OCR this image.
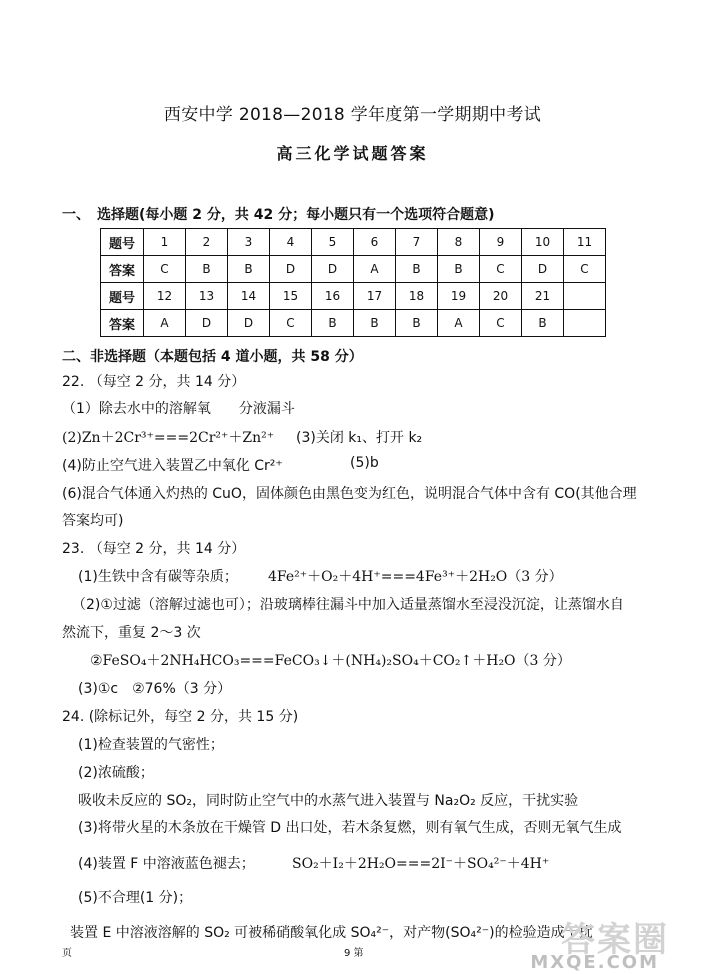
西安中学 2018—2018 学年度第一学期期中考试
高三化学试题答案
一、　选择题(每小题 2 分，共 42 分；每小题只有一个选项符合题意)
题号	1	2	3	4	5	6	7	8	9	10	11
答案	C	B	B	D	D	A	B	B	C	D	C
题号	12	13	14	15	16	17	18	19	20	21	
答案	A	D	D	C	B	B	B	A	C	B	
二、非选择题（本题包括 4 道小题，共 58 分）
22. （每空 2 分，共 14 分）
（1）除去水中的溶解氧　　分液漏斗
(2)Zn＋2Cr³⁺===2Cr²⁺＋Zn²⁺ (3)关闭 k₁、打开 k₂
(4)防止空气进入装置乙中氧化 Cr²⁺	(5)b
(6)混合气体通入灼热的 CuO，固体颜色由黑色变为红色，说明混合气体中含有 CO(其他合理
答案均可)
23. （每空 2 分，共 14 分）
(1)生铁中含有碳等杂质； 4Fe²⁺＋O₂＋4H⁺===4Fe³⁺＋2H₂O（3 分）
（2)①过滤（溶解过滤也可）；沿玻璃棒往漏斗中加入适量蒸馏水至浸没沉淀，让蒸馏水自
然流下，重复 2～3 次
②FeSO₄＋2NH₄HCO₃===FeCO₃↓＋(NH₄)₂SO₄＋CO₂↑＋H₂O（3 分）
(3)①c　②76%（3 分）
24. (除标记外，每空 2 分，共 15 分)
(1)检查装置的气密性；
(2)浓硫酸；
吸收未反应的 SO₂，同时防止空气中的水蒸气进入装置与 Na₂O₂ 反应，干扰实验
(3)将带火星的木条放在干燥管 D 出口处，若木条复燃，则有氧气生成，否则无氧气生成
(4)装置 F 中溶液蓝色褪去；	SO₂＋I₂＋2H₂O===2I⁻＋SO₄²⁻＋4H⁺
(5)不合理(1 分)；
装置 E 中溶液溶解的 SO₂ 可被稀硝酸氧化成 SO₄²⁻，对产物(SO₄²⁻)的检验造成干扰
页	9 第	答案圈
MXQE.COM
